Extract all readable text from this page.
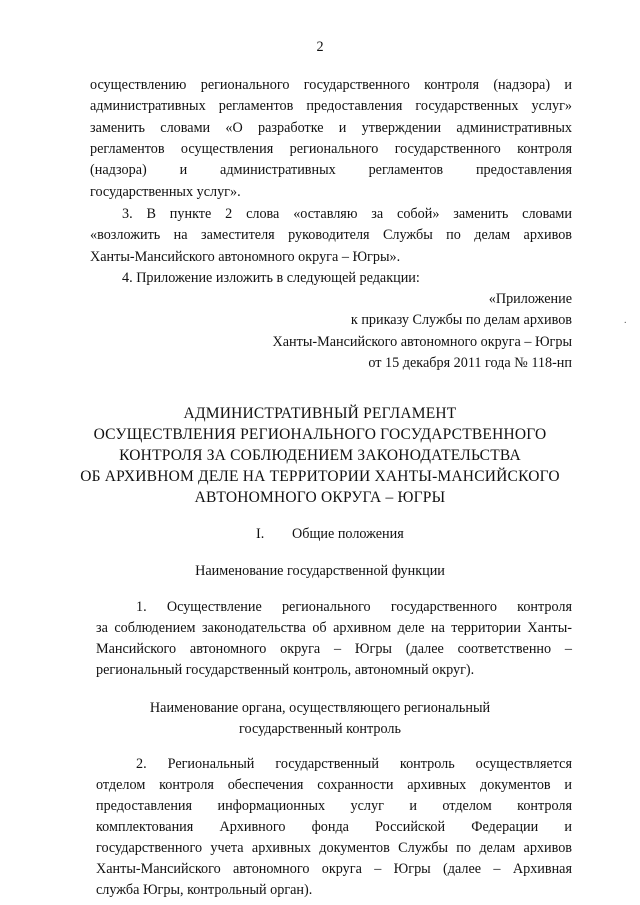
2
осуществлению регионального государственного контроля (надзора) и
административных регламентов предоставления государственных услуг»
заменить словами «О разработке и утверждении административных
регламентов осуществления регионального государственного контроля
(надзора) и административных регламентов предоставления
государственных услуг».
3. В пункте 2 слова «оставляю за собой» заменить словами
«возложить на заместителя руководителя Службы по делам архивов
Ханты-Мансийского автономного округа – Югры».
4. Приложение изложить в следующей редакции:
«Приложение
к приказу Службы по делам архивов
Ханты-Мансийского автономного округа – Югры
от 15 декабря 2011 года № 118-нп
АДМИНИСТРАТИВНЫЙ РЕГЛАМЕНТ
ОСУЩЕСТВЛЕНИЯ РЕГИОНАЛЬНОГО ГОСУДАРСТВЕННОГО
КОНТРОЛЯ ЗА СОБЛЮДЕНИЕМ ЗАКОНОДАТЕЛЬСТВА
ОБ АРХИВНОМ ДЕЛЕ НА ТЕРРИТОРИИ ХАНТЫ-МАНСИЙСКОГО
АВТОНОМНОГО ОКРУГА – ЮГРЫ
I. Общие положения
Наименование государственной функции
1. Осуществление регионального государственного контроля
за соблюдением законодательства об архивном деле на территории Ханты-
Мансийского автономного округа – Югры (далее соответственно –
региональный государственный контроль, автономный округ).
Наименование органа, осуществляющего региональный
государственный контроль
2. Региональный государственный контроль осуществляется
отделом контроля обеспечения сохранности архивных документов и
предоставления информационных услуг и отделом контроля
комплектования Архивного фонда Российской Федерации и
государственного учета архивных документов Службы по делам архивов
Ханты-Мансийского автономного округа – Югры (далее – Архивная
служба Югры, контрольный орган).
.
